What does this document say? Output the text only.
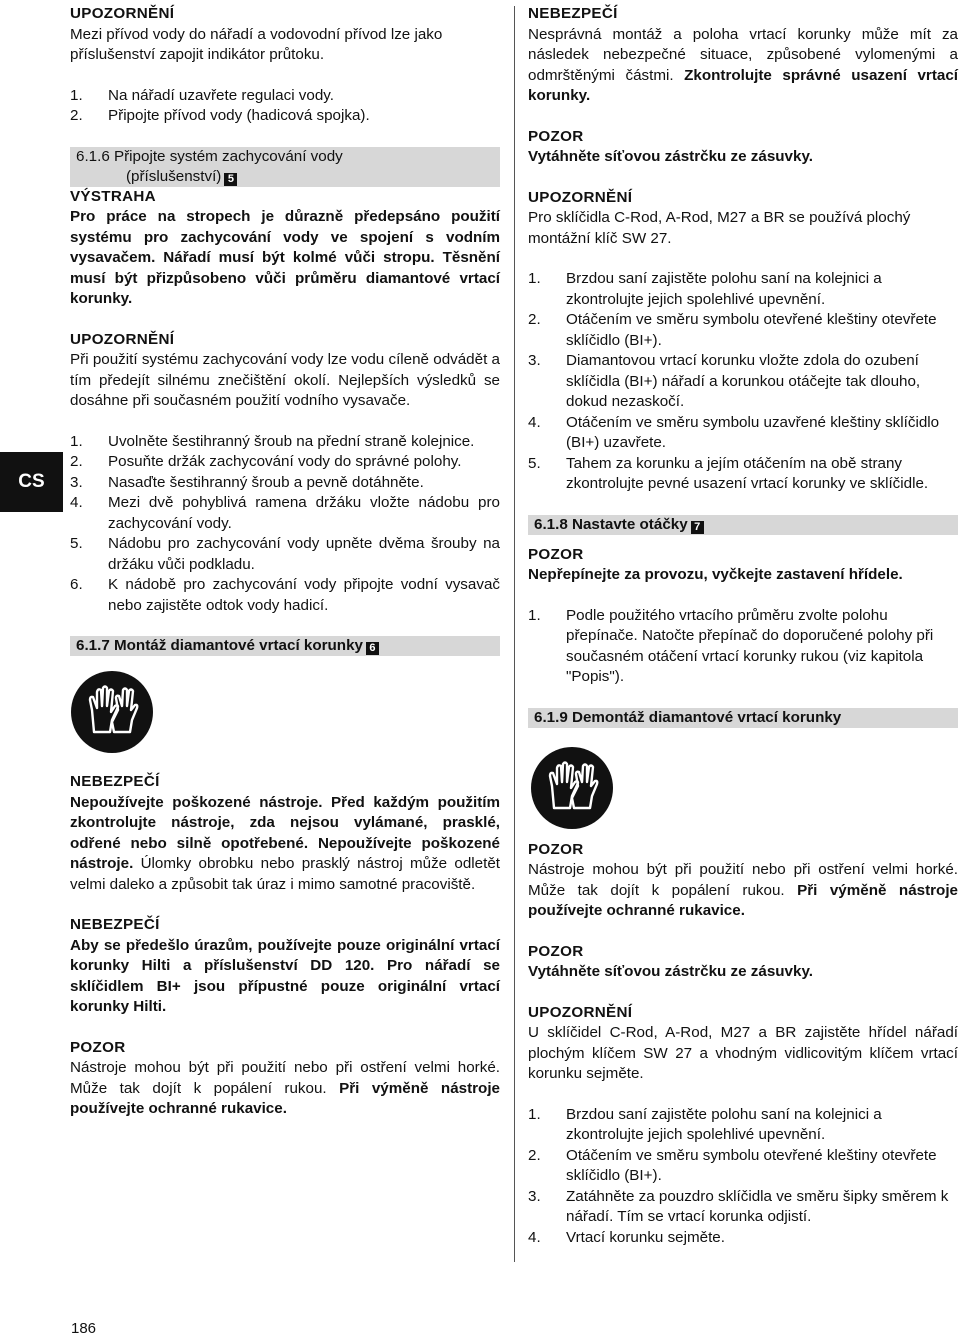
CS

UPOZORNĚNÍ

Mezi přívod vody do nářadí a vodovodní přívod lze jako příslušenství zapojit indikátor průtoku.

1. Na nářadí uzavřete regulaci vody.
2. Připojte přívod vody (hadicová spojka).
6.1.6 Připojte systém zachycování vody
(příslušenství) 5

VÝSTRAHA

Pro práce na stropech je důrazně předepsáno použití systému pro zachycování vody ve spojení s vodním vysavačem. Nářadí musí být kolmé vůči stropu. Těsnění musí být přizpůsobeno vůči průměru diamantové vrtací korunky.

UPOZORNĚNÍ

Při použití systému zachycování vody lze vodu cíleně odvádět a tím předejít silnému znečištění okolí. Nejlepších výsledků se dosáhne při současném použití vodního vysavače.

1. Uvolněte šestihranný šroub na přední straně kolejnice.
2. Posuňte držák zachycování vody do správné polohy.
3. Nasaďte šestihranný šroub a pevně dotáhněte.
4. Mezi dvě pohyblivá ramena držáku vložte nádobu pro zachycování vody.
5. Nádobu pro zachycování vody upněte dvěma šrouby na držáku vůči podkladu.
6. K nádobě pro zachycování vody připojte vodní vysavač nebo zajistěte odtok vody hadicí.
6.1.7 Montáž diamantové vrtací korunky 6

NEBEZPEČÍ

Nepoužívejte poškozené nástroje. Před každým použitím zkontrolujte nástroje, zda nejsou vylámané, prasklé, odřené nebo silně opotřebené. Nepoužívejte poškozené nástroje. Úlomky obrobku nebo prasklý nástroj může odletět velmi daleko a způsobit tak úraz i mimo samotné pracoviště.

NEBEZPEČÍ

Aby se předešlo úrazům, používejte pouze originální vrtací korunky Hilti a příslušenství DD 120. Pro nářadí se sklíčidlem BI+ jsou přípustné pouze originální vrtací korunky Hilti.

POZOR

Nástroje mohou být při použití nebo při ostření velmi horké. Může tak dojít k popálení rukou. Při výměně nástroje používejte ochranné rukavice.

NEBEZPEČÍ

Nesprávná montáž a poloha vrtací korunky může mít za následek nebezpečné situace, způsobené vylomenými a odmrštěnými částmi. Zkontrolujte správné usazení vrtací korunky.

POZOR

Vytáhněte síťovou zástrčku ze zásuvky.

UPOZORNĚNÍ

Pro sklíčidla C-Rod, A-Rod, M27 a BR se používá plochý montážní klíč SW 27.

1. Brzdou saní zajistěte polohu saní na kolejnici a zkontrolujte jejich spolehlivé upevnění.
2. Otáčením ve směru symbolu otevřené kleštiny otevřete sklíčidlo (BI+).
3. Diamantovou vrtací korunku vložte zdola do ozubení sklíčidla (BI+) nářadí a korunkou otáčejte tak dlouho, dokud nezaskočí.
4. Otáčením ve směru symbolu uzavřené kleštiny sklíčidlo (BI+) uzavřete.
5. Tahem za korunku a jejím otáčením na obě strany zkontrolujte pevné usazení vrtací korunky ve sklíčidle.
6.1.8 Nastavte otáčky 7

POZOR

Nepřepínejte za provozu, vyčkejte zastavení hřídele.

1. Podle použitého vrtacího průměru zvolte polohu přepínače. Natočte přepínač do doporučené polohy při současném otáčení vrtací korunky rukou (viz kapitola "Popis").
6.1.9 Demontáž diamantové vrtací korunky

POZOR

Nástroje mohou být při použití nebo při ostření velmi horké. Může tak dojít k popálení rukou. Při výměně nástroje používejte ochranné rukavice.

POZOR

Vytáhněte síťovou zástrčku ze zásuvky.

UPOZORNĚNÍ

U sklíčidel C-Rod, A-Rod, M27 a BR zajistěte hřídel nářadí plochým klíčem SW 27 a vhodným vidlicovitým klíčem vrtací korunku sejměte.

1. Brzdou saní zajistěte polohu saní na kolejnici a zkontrolujte jejich spolehlivé upevnění.
2. Otáčením ve směru symbolu otevřené kleštiny otevřete sklíčidlo (BI+).
3. Zatáhněte za pouzdro sklíčidla ve směru šipky směrem k nářadí. Tím se vrtací korunka odjistí.
4. Vrtací korunku sejměte.
186
